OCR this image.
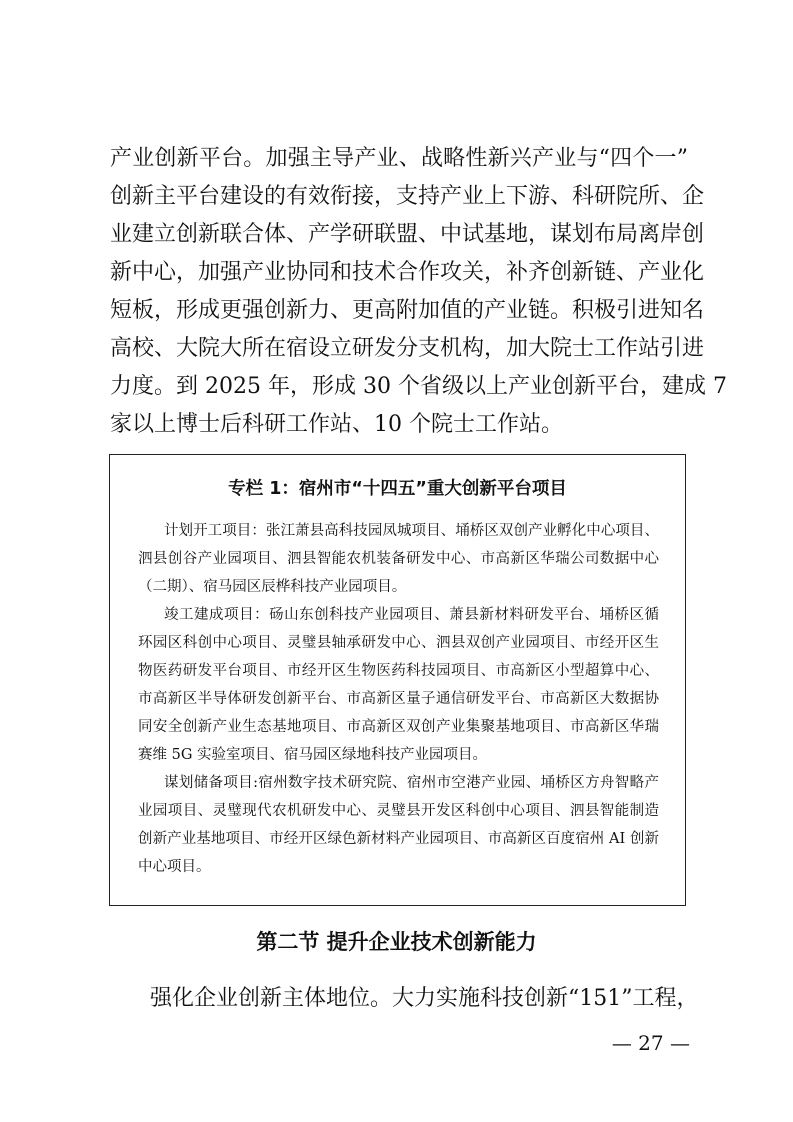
产业创新平台。加强主导产业、战略性新兴产业与“四个一”
创新主平台建设的有效衔接，支持产业上下游、科研院所、企
业建立创新联合体、产学研联盟、中试基地，谋划布局离岸创
新中心，加强产业协同和技术合作攻关，补齐创新链、产业化
短板，形成更强创新力、更高附加值的产业链。积极引进知名
高校、大院大所在宿设立研发分支机构，加大院士工作站引进
力度。到 2025 年，形成 30 个省级以上产业创新平台，建成 7
家以上博士后科研工作站、10 个院士工作站。
专栏 1：宿州市“十四五”重大创新平台项目
计划开工项目：张江萧县高科技园凤城项目、埇桥区双创产业孵化中心项目、
泗县创谷产业园项目、泗县智能农机装备研发中心、市高新区华瑞公司数据中心
（二期）、宿马园区辰桦科技产业园项目。
竣工建成项目：砀山东创科技产业园项目、萧县新材料研发平台、埇桥区循
环园区科创中心项目、灵璧县轴承研发中心、泗县双创产业园项目、市经开区生
物医药研发平台项目、市经开区生物医药科技园项目、市高新区小型超算中心、
市高新区半导体研发创新平台、市高新区量子通信研发平台、市高新区大数据协
同安全创新产业生态基地项目、市高新区双创产业集聚基地项目、市高新区华瑞
赛维 5G 实验室项目、宿马园区绿地科技产业园项目。
谋划储备项目:宿州数字技术研究院、宿州市空港产业园、埇桥区方舟智略产
业园项目、灵璧现代农机研发中心、灵璧县开发区科创中心项目、泗县智能制造
创新产业基地项目、市经开区绿色新材料产业园项目、市高新区百度宿州 AI 创新
中心项目。
第二节 提升企业技术创新能力
强化企业创新主体地位。大力实施科技创新“151”工程，
— 27 —
